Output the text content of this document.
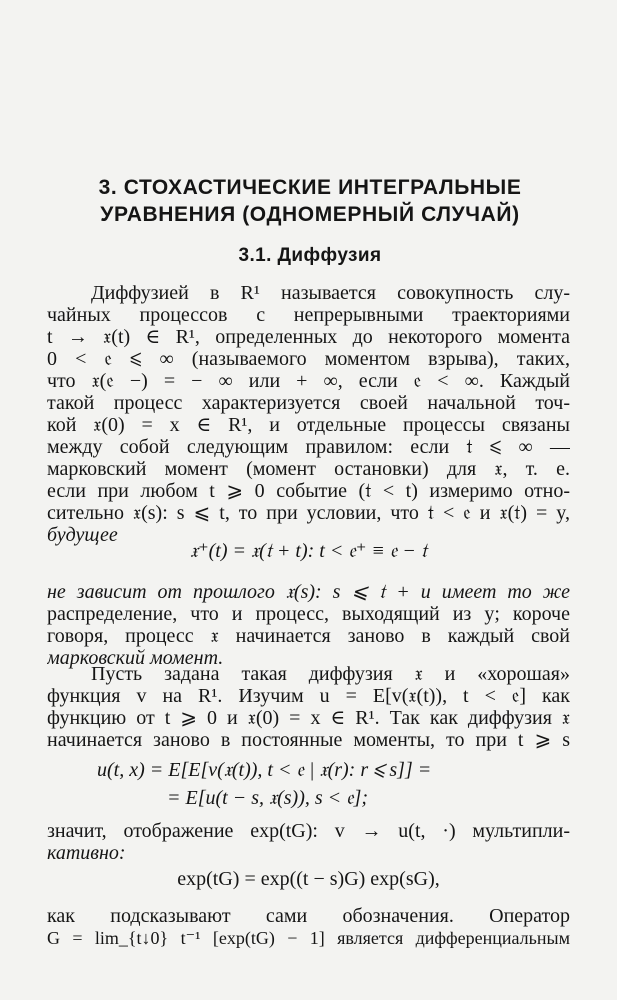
3. СТОХАСТИЧЕСКИЕ ИНТЕГРАЛЬНЫЕ
УРАВНЕНИЯ (ОДНОМЕРНЫЙ СЛУЧАЙ)
3.1. Диффузия
Диффузией в R¹ называется совокупность слу-
чайных процессов с непрерывными траекториями
t → 𝔵(t) ∈ R¹, определенных до некоторого момента
0 < 𝔢 ⩽ ∞ (называемого моментом взрыва), таких,
что 𝔵(𝔢 −) = − ∞ или + ∞, если 𝔢 < ∞. Каждый
такой процесс характеризуется своей начальной точ-
кой 𝔵(0) = x ∈ R¹, и отдельные процессы связаны
между собой следующим правилом: если 𝔱 ⩽ ∞ —
марковский момент (момент остановки) для 𝔵, т. е.
если при любом t ⩾ 0 событие (𝔱 < t) измеримо отно-
сительно 𝔵(s): s ⩽ t, то при условии, что 𝔱 < 𝔢 и 𝔵(𝔱) = y,
будущее
𝔵⁺(t) = 𝔵(𝔱 + t): t < 𝔢⁺ ≡ 𝔢 − 𝔱
не зависит от прошлого 𝔵(s): s ⩽ 𝔱 + и имеет то же
распределение, что и процесс, выходящий из y; короче
говоря, процесс 𝔵 начинается заново в каждый свой
марковский момент.
Пусть задана такая диффузия 𝔵 и «хорошая»
функция v на R¹. Изучим u = E[v(𝔵(t)), t < 𝔢] как
функцию от t ⩾ 0 и 𝔵(0) = x ∈ R¹. Так как диффузия 𝔵
начинается заново в постоянные моменты, то при t ⩾ s
u(t, x) = E[E[v(𝔵(t)), t < 𝔢 | 𝔵(r): r ⩽ s]] =
= E[u(t − s, 𝔵(s)), s < 𝔢];
значит, отображение exp(tG): v → u(t, ·) мультипли-
кативно:
exp(tG) = exp((t − s)G) exp(sG),
как подсказывают сами обозначения. Оператор
G = lim_{t↓0} t⁻¹ [exp(tG) − 1] является дифференциальным
